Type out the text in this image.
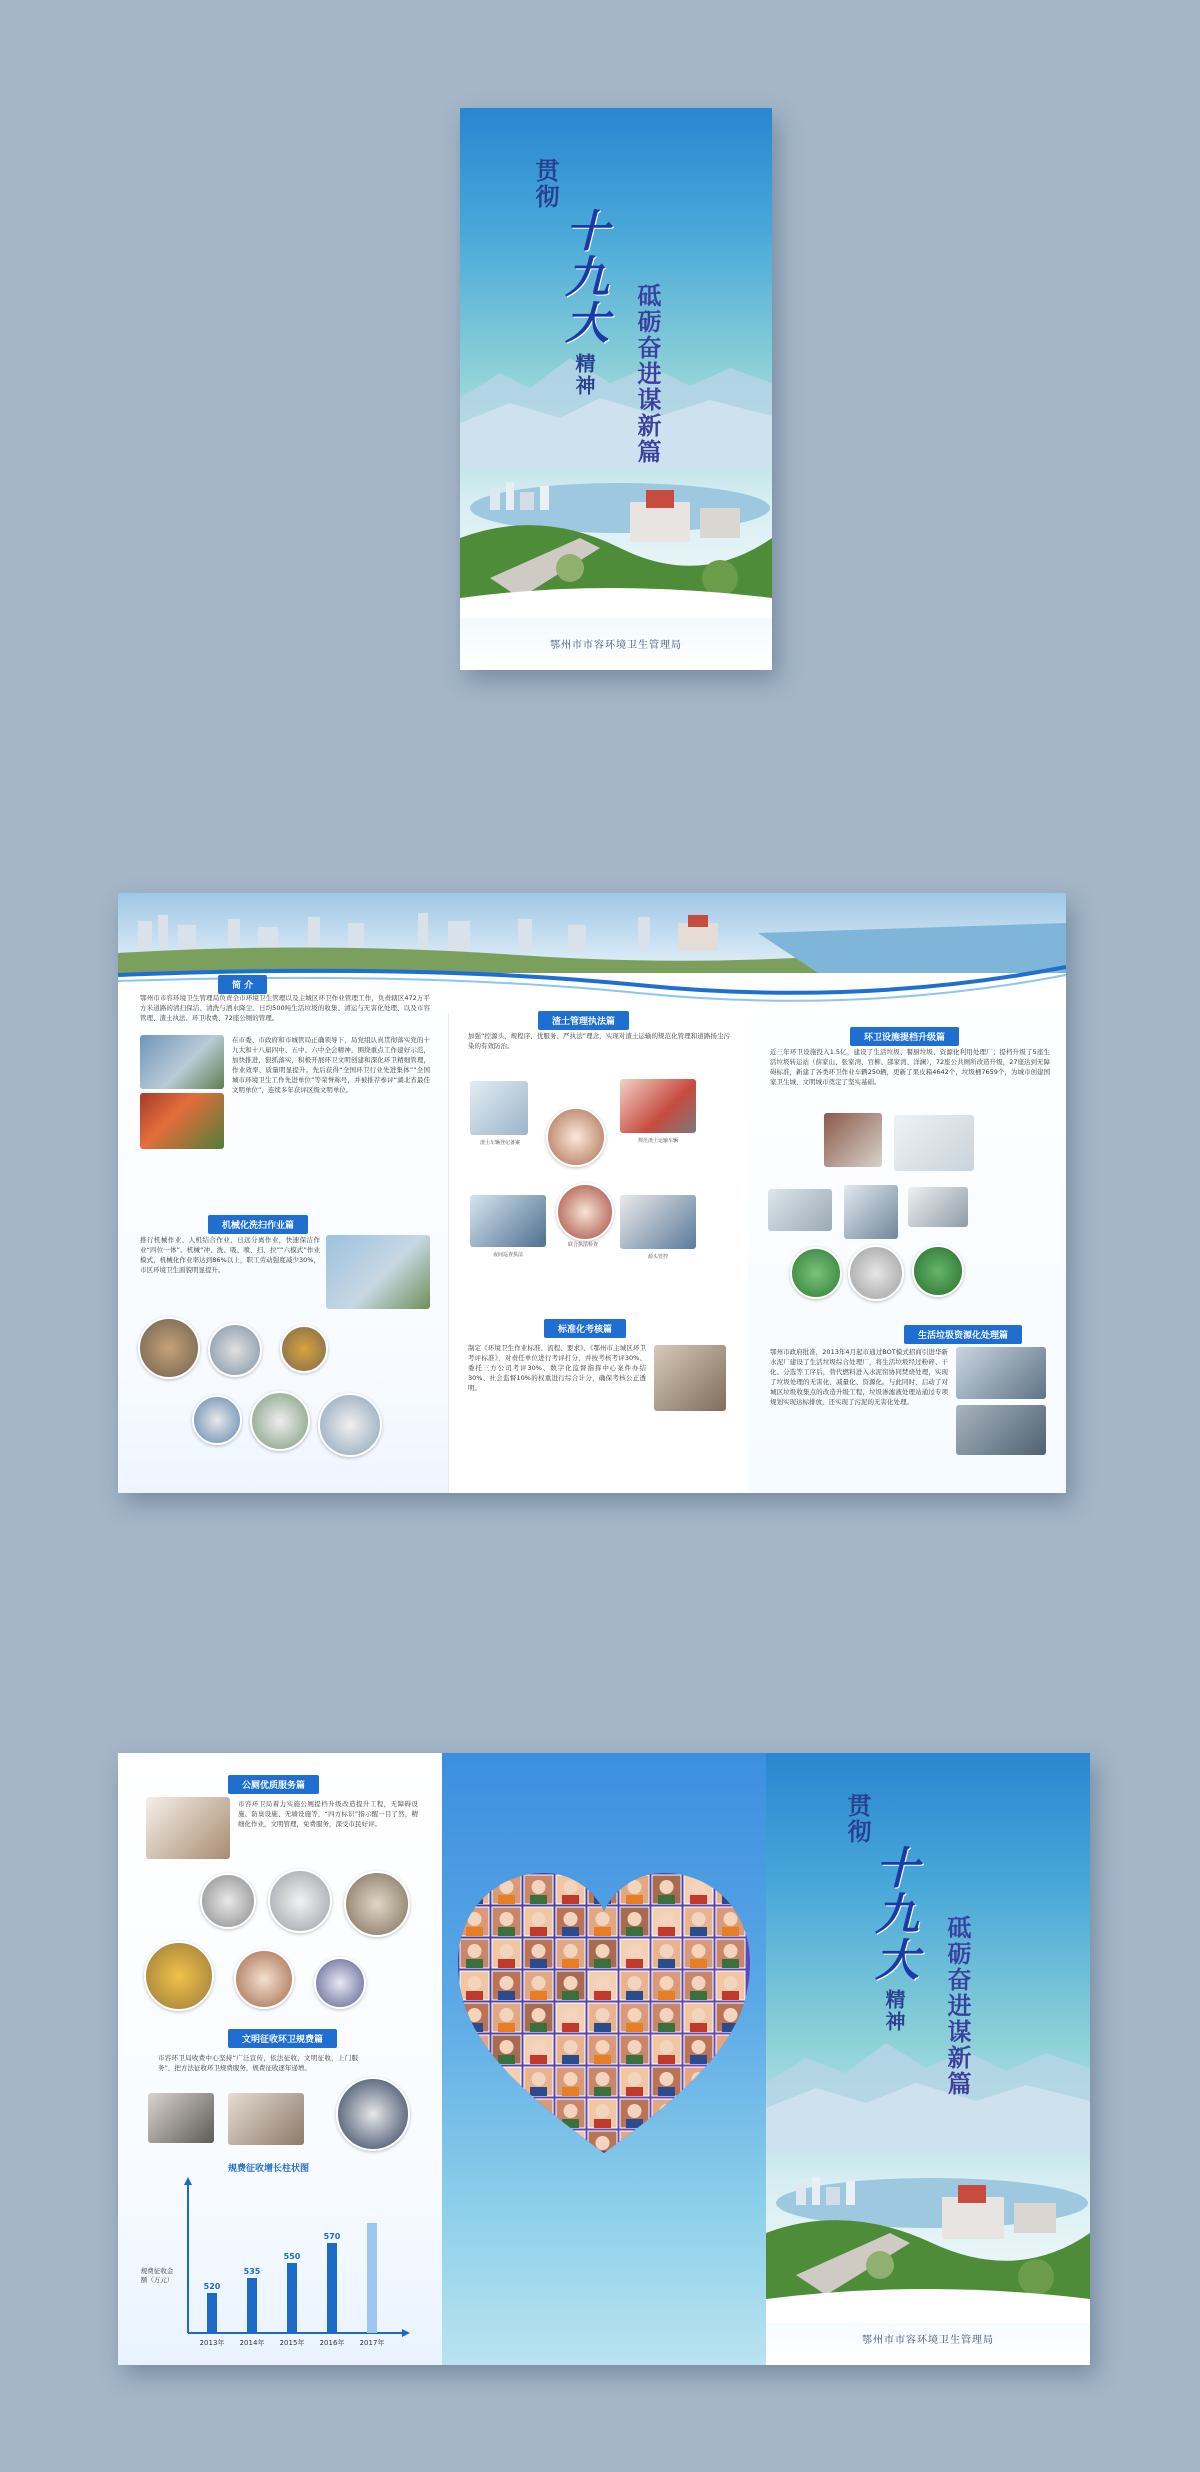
贯彻
十九大
精神 砥砺奋进谋新篇
鄂州市市容环境卫生管理局
简 介
鄂州市市容环境卫生管理局负责全市环境卫生管理以及主城区环卫作业管理工作，负责辖区472万平方米道路的清扫保洁、清洗与洒水降尘、日均500吨生活垃圾的收集、清运与无害化处理、以及市容管理、渣土执法、环卫收费、72座公厕的管理。
在市委、市政府和市城管局正确领导下，局党组认真贯彻落实党的十九大和十八届四中、五中、六中全会精神，围绕重点工作建好示范，加快推进，狠抓落实，积极开展环卫文明创建和深化环卫精细管理，作业效率、质量明显提升。先后获得“全国环卫行业先进集体”“全国城市环境卫生工作先进单位”等荣誉称号，并被推荐参评“湖北省最佳文明单位”，连续多年获评区级文明单位。
机械化洗扫作业篇
推行机械作业、人机结合作业、日远分离作业，快速保洁作业“四位一体”。机械“冲、洗、吸、喷、扫、拉”“六模式”作业模式，机械化作业率达到86%以上，职工劳动强度减少30%，市区环境卫生面貌明显提升。
渣土管理执法篇
加强“控源头、规程序、优服务、严执法”理念，实现对渣土运输的规范化管理和道路扬尘污染的有效防治。
渣土车辆登记备案	规范渣土运输车辆
夜间巡查执法
联合执法检查
源头管控
标准化考核篇
制定《环境卫生作业标准、流程、要求》、《鄂州市主城区环卫考评标准》，对责任单位进行考评打分，并按考核考评30%、委托三方公司考评30%、数字化监督指挥中心案件办结30%、社会监督10%的权重进行综合计分，确保考核公正透明。
环卫设施提档升级篇
近三年环卫设施投入1.5亿，建设了生活垃圾、餐厨垃圾、资源化利用处理厂；提档升级了5座生活垃圾转运站（薛家山、张家湾、官柳、邵家湾、洋澜），72座公共厕所改造升级，27座达到无障碍标准，新建了各类环卫作业车辆250辆，更新了果皮箱4642个，垃圾桶7659个，为城市创建国家卫生城、文明城市奠定了坚实基础。
生活垃圾资源化处理篇
鄂州市政府批准，2013年4月起市通过BOT模式招商引进华新水泥厂建设了生活垃圾综合处理厂，将生活垃圾经过粉碎、干化、分选等工序后，替代燃料进入水泥窑协同焚烧处理，实现了垃圾处理的无害化、减量化、资源化。与此同时，启动了对城区垃圾收集点的改造升级工程，垃圾渗滤液处理站通过专项规划实现达标排放，还实现了污泥的无害化处理。
公厕优质服务篇
市容环卫局着力实施公厕提档升级改造提升工程，无障碍设施、防臭设施、无墙设施等，“四方标识”指示醒一目了然，精细化作业，文明管理，免费服务，深受市民好评。
文明征收环卫规费篇
市容环卫局收费中心坚持“广泛宣传，依法征收，文明征收，上门服务”，把方法征收环卫规费服务，规费征收逐年递增。
规费征收增长柱状图
规费征收金额（万元）
520
2013年
535
2014年
550
2015年
570
2016年 2017年
贯彻
十九大
精神 砥砺奋进谋新篇
鄂州市市容环境卫生管理局
